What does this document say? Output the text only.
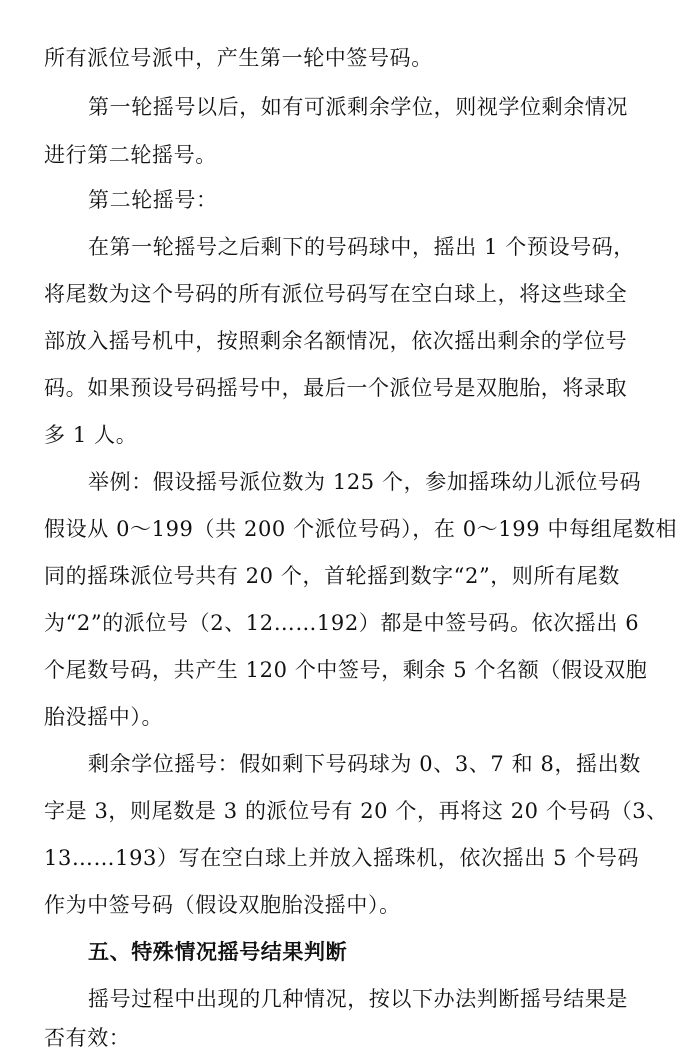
所有派位号派中，产生第一轮中签号码。
第一轮摇号以后，如有可派剩余学位，则视学位剩余情况
进行第二轮摇号。
第二轮摇号：
在第一轮摇号之后剩下的号码球中，摇出 1 个预设号码，
将尾数为这个号码的所有派位号码写在空白球上，将这些球全
部放入摇号机中，按照剩余名额情况，依次摇出剩余的学位号
码。如果预设号码摇号中，最后一个派位号是双胞胎，将录取
多 1 人。
举例：假设摇号派位数为 125 个，参加摇珠幼儿派位号码
假设从 0～199（共 200 个派位号码），在 0～199 中每组尾数相
同的摇珠派位号共有 20 个，首轮摇到数字“2”，则所有尾数
为“2”的派位号（2、12……192）都是中签号码。依次摇出 6
个尾数号码，共产生 120 个中签号，剩余 5 个名额（假设双胞
胎没摇中）。
剩余学位摇号：假如剩下号码球为 0、3、7 和 8，摇出数
字是 3，则尾数是 3 的派位号有 20 个，再将这 20 个号码（3、
13……193）写在空白球上并放入摇珠机，依次摇出 5 个号码
作为中签号码（假设双胞胎没摇中）。
五、特殊情况摇号结果判断
摇号过程中出现的几种情况，按以下办法判断摇号结果是
否有效：
